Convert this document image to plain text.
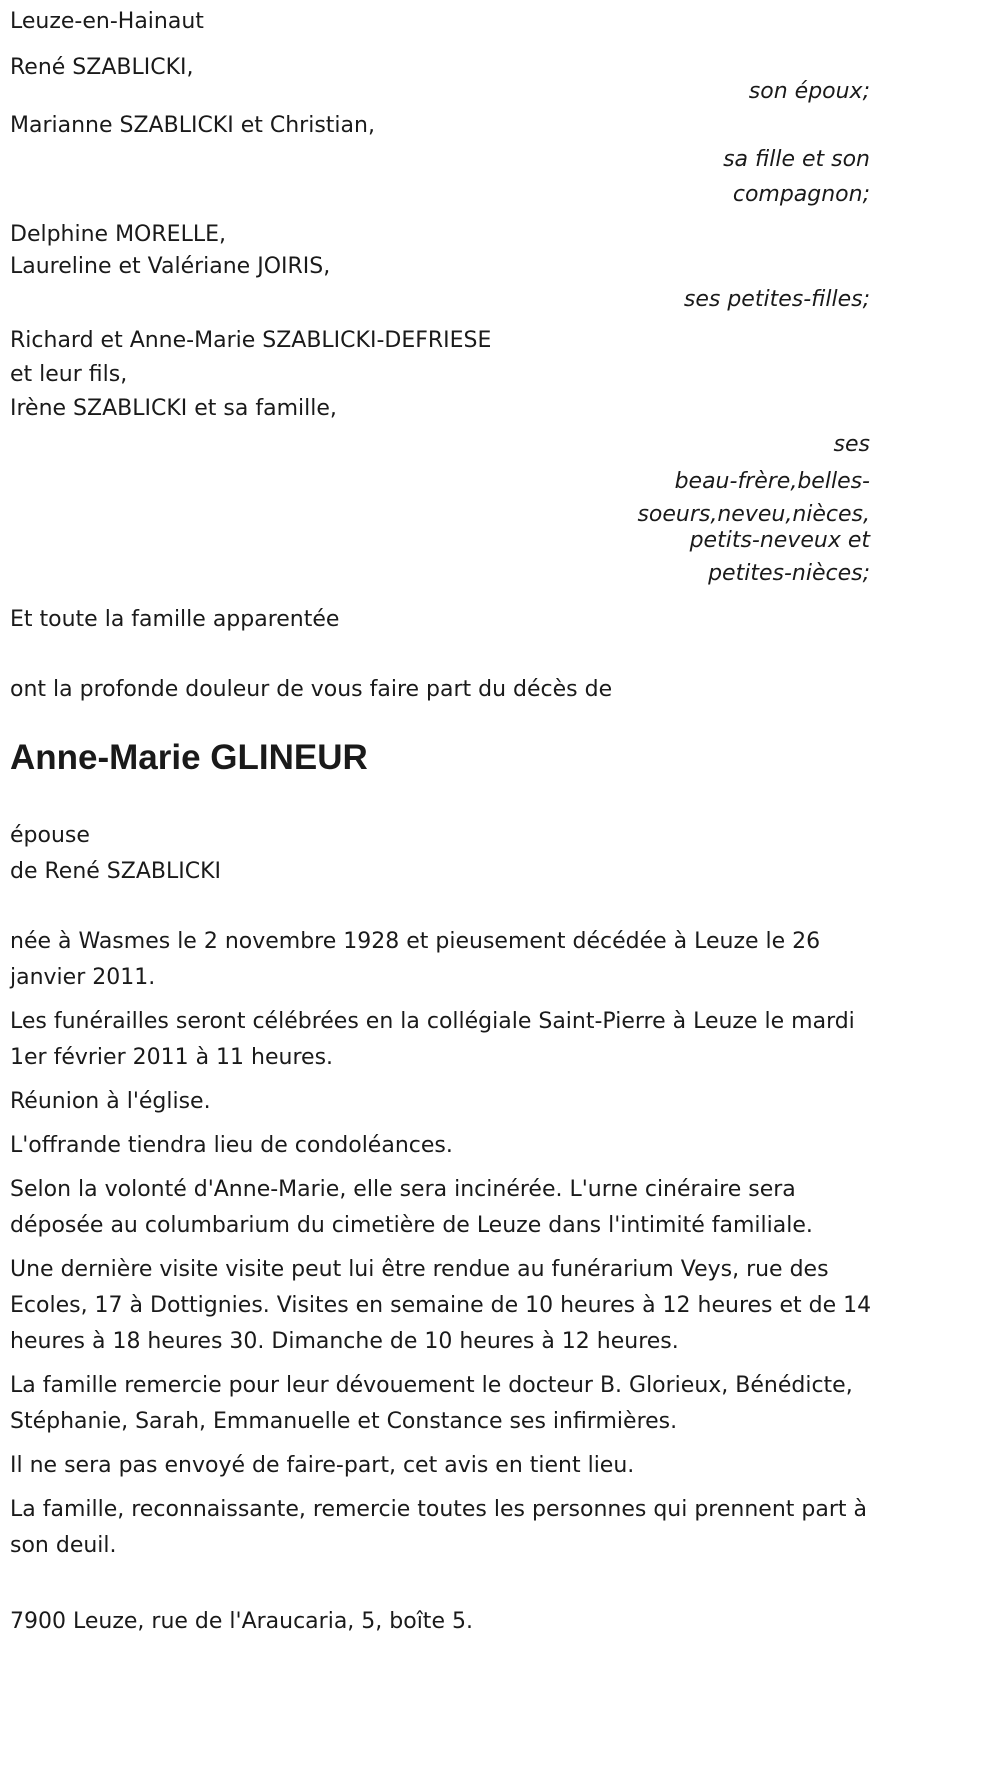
Leuze-en-Hainaut

René SZABLICKI,

son époux;

Marianne SZABLICKI et Christian,

sa fille et son

compagnon;

Delphine MORELLE,

Laureline et Valériane JOIRIS,

ses petites-filles;

Richard et Anne-Marie SZABLICKI-DEFRIESE

et leur fils,

Irène SZABLICKI et sa famille,

ses

beau-frère,belles-

soeurs,neveu,nièces,

petits-neveux et

petites-nièces;

Et toute la famille apparentée

ont la profonde douleur de vous faire part du décès de

Anne-Marie GLINEUR

épouse

de René SZABLICKI

née à Wasmes le 2 novembre 1928 et pieusement décédée à Leuze le 26 janvier 2011.

Les funérailles seront célébrées en la collégiale Saint-Pierre à Leuze le mardi 1er février 2011 à 11 heures.

Réunion à l'église.

L'offrande tiendra lieu de condoléances.

Selon la volonté d'Anne-Marie, elle sera incinérée. L'urne cinéraire sera déposée au columbarium du cimetière de Leuze dans l'intimité familiale.

Une dernière visite visite peut lui être rendue au funérarium Veys, rue des Ecoles, 17 à Dottignies. Visites en semaine de 10 heures à 12 heures et de 14 heures à 18 heures 30. Dimanche de 10 heures à 12 heures.

La famille remercie pour leur dévouement le docteur B. Glorieux, Bénédicte, Stéphanie, Sarah, Emmanuelle et Constance ses infirmières.

Il ne sera pas envoyé de faire-part, cet avis en tient lieu.

La famille, reconnaissante, remercie toutes les personnes qui prennent part à son deuil.

7900 Leuze, rue de l'Araucaria, 5, boîte 5.
